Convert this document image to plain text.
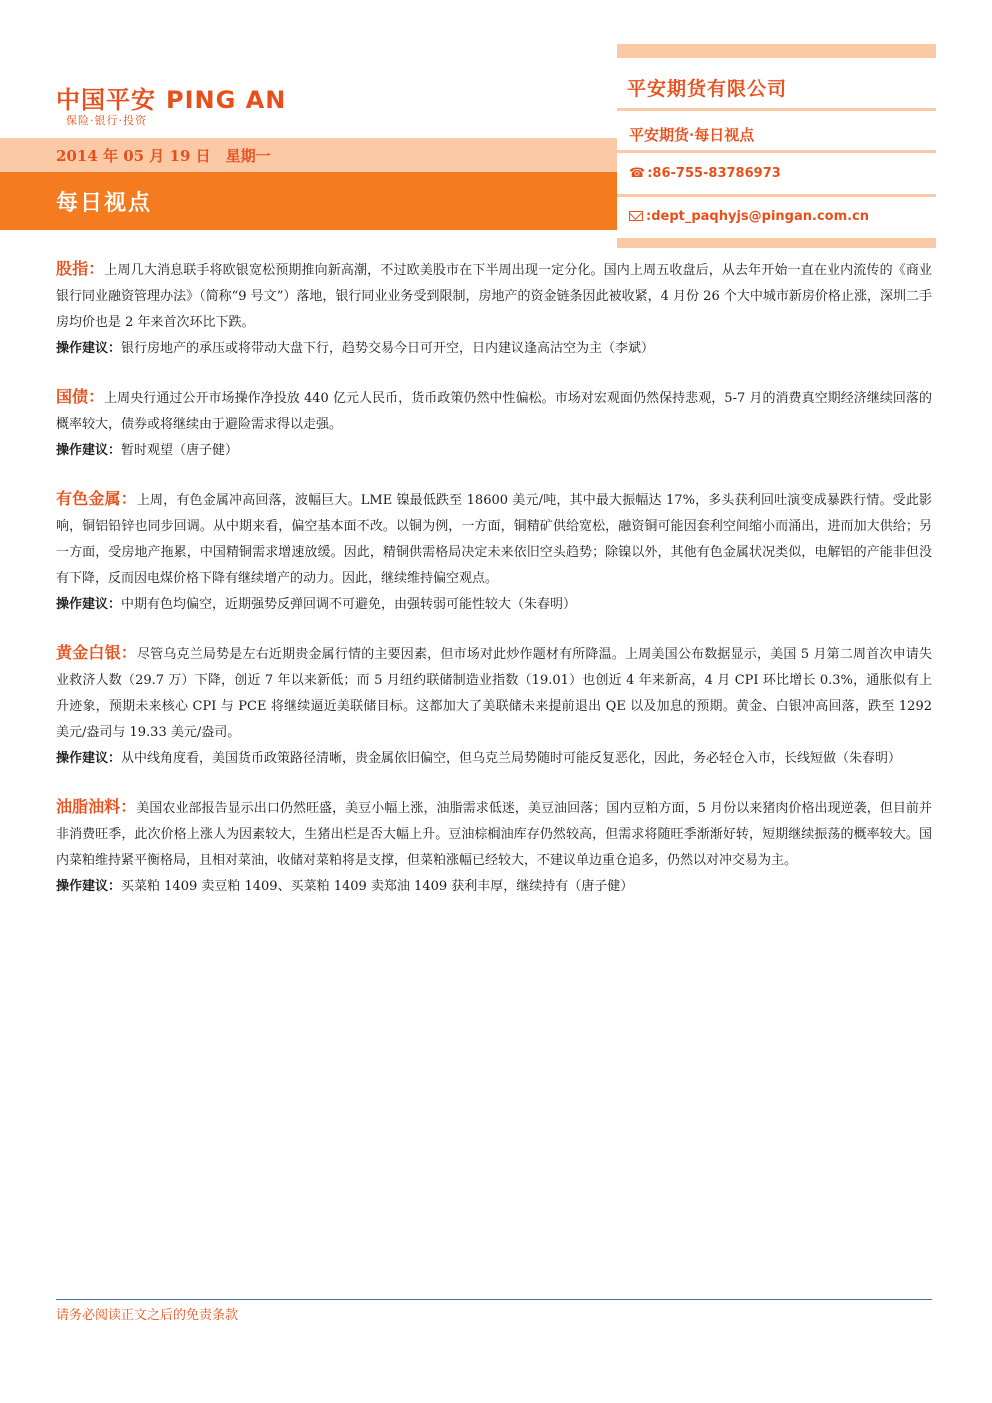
中国平安 PING AN
保险·银行·投资
2014 年 05 月 19 日　星期一
每日视点
平安期货有限公司
平安期货·每日视点
☎ :86-755-83786973
:dept_paqhyjs@pingan.com.cn

股指：上周几大消息联手将欧银宽松预期推向新高潮，不过欧美股市在下半周出现一定分化。国内上周五收盘后，从去年开始一直在业内流传的《商业银行同业融资管理办法》（简称“9 号文”）落地，银行同业业务受到限制，房地产的资金链条因此被收紧，4 月份 26 个大中城市新房价格止涨，深圳二手房均价也是 2 年来首次环比下跌。

操作建议：银行房地产的承压或将带动大盘下行，趋势交易今日可开空，日内建议逢高沽空为主（李斌）

国债：上周央行通过公开市场操作净投放 440 亿元人民币，货币政策仍然中性偏松。市场对宏观面仍然保持悲观，5-7 月的消费真空期经济继续回落的概率较大，债券或将继续由于避险需求得以走强。

操作建议：暂时观望（唐子健）

有色金属：上周，有色金属冲高回落，波幅巨大。LME 镍最低跌至 18600 美元/吨，其中最大振幅达 17%，多头获利回吐演变成暴跌行情。受此影响，铜铝铅锌也同步回调。从中期来看，偏空基本面不改。以铜为例，一方面，铜精矿供给宽松，融资铜可能因套利空间缩小而涌出，进而加大供给；另一方面，受房地产拖累，中国精铜需求增速放缓。因此，精铜供需格局决定未来依旧空头趋势；除镍以外，其他有色金属状况类似，电解铝的产能非但没有下降，反而因电煤价格下降有继续增产的动力。因此，继续维持偏空观点。

操作建议：中期有色均偏空，近期强势反弹回调不可避免，由强转弱可能性较大（朱春明）

黄金白银：尽管乌克兰局势是左右近期贵金属行情的主要因素，但市场对此炒作题材有所降温。上周美国公布数据显示，美国 5 月第二周首次申请失业救济人数（29.7 万）下降，创近 7 年以来新低；而 5 月纽约联储制造业指数（19.01）也创近 4 年来新高，4 月 CPI 环比增长 0.3%，通胀似有上升迹象，预期未来核心 CPI 与 PCE 将继续逼近美联储目标。这都加大了美联储未来提前退出 QE 以及加息的预期。黄金、白银冲高回落，跌至 1292 美元/盎司与 19.33 美元/盎司。

操作建议：从中线角度看，美国货币政策路径清晰，贵金属依旧偏空，但乌克兰局势随时可能反复恶化，因此，务必轻仓入市，长线短做（朱春明）

油脂油料：美国农业部报告显示出口仍然旺盛，美豆小幅上涨，油脂需求低迷，美豆油回落；国内豆粕方面，5 月份以来猪肉价格出现逆袭，但目前并非消费旺季，此次价格上涨人为因素较大，生猪出栏是否大幅上升。豆油棕榈油库存仍然较高，但需求将随旺季渐渐好转，短期继续振荡的概率较大。国内菜粕维持紧平衡格局，且相对菜油，收储对菜粕将是支撑，但菜粕涨幅已经较大，不建议单边重仓追多，仍然以对冲交易为主。

操作建议：买菜粕 1409 卖豆粕 1409、买菜粕 1409 卖郑油 1409 获利丰厚，继续持有（唐子健）

请务必阅读正文之后的免责条款
